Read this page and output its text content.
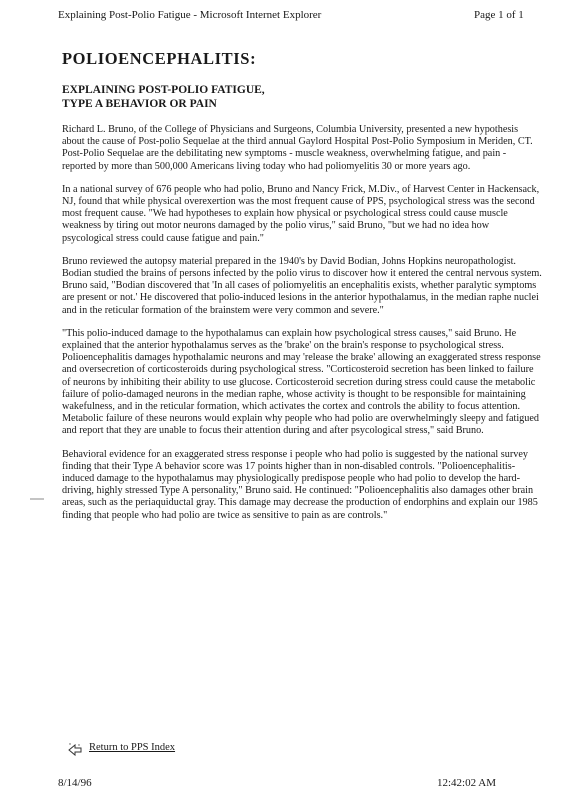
Explaining Post-Polio Fatigue - Microsoft Internet Explorer	Page 1 of 1
POLIOENCEPHALITIS:
EXPLAINING POST-POLIO FATIGUE,
TYPE A BEHAVIOR OR PAIN

Richard L. Bruno, of the College of Physicians and Surgeons, Columbia University, presented a new hypothesis about the cause of Post-polio Sequelae at the third annual Gaylord Hospital Post-Polio Symposium in Meriden, CT. Post-Polio Sequelae are the debilitating new symptoms - muscle weakness, overwhelming fatigue, and pain - reported by more than 500,000 Americans living today who had poliomyelitis 30 or more years ago.

In a national survey of 676 people who had polio, Bruno and Nancy Frick, M.Div., of Harvest Center in Hackensack, NJ, found that while physical overexertion was the most frequent cause of PPS, psychological stress was the second most frequent cause. "We had hypotheses to explain how physical or psychological stress could cause muscle weakness by tiring out motor neurons damaged by the polio virus," said Bruno, "but we had no idea how psycological stress could cause fatigue and pain."

Bruno reviewed the autopsy material prepared in the 1940's by David Bodian, Johns Hopkins neuropathologist. Bodian studied the brains of persons infected by the polio virus to discover how it entered the central nervous system. Bruno said, "Bodian discovered that 'In all cases of poliomyelitis an encephalitis exists, whether paralytic symptoms are present or not.' He discovered that polio-induced lesions in the anterior hypothalamus, in the median raphe nuclei and in the reticular formation of the brainstem were very common and severe."

"This polio-induced damage to the hypothalamus can explain how psychological stress causes," said Bruno. He explained that the anterior hypothalamus serves as the 'brake' on the brain's response to psychological stress. Polioencephalitis damages hypothalamic neurons and may 'release the brake' allowing an exaggerated stress response and oversecretion of corticosteroids during psychological stress. "Corticosteroid secretion has been linked to failure of neurons by inhibiting their ability to use glucose. Corticosteroid secretion during stress could cause the metabolic failure of polio-damaged neurons in the median raphe, whose activity is thought to be responsible for maintaining wakefulness, and in the reticular formation, which activates the cortex and controls the ability to focus attention. Metabolic failure of these neurons would explain why people who had polio are overwhelmingly sleepy and fatigued and report that they are unable to focus their attention during and after psycological stress," said Bruno.

Behavioral evidence for an exaggerated stress response i people who had polio is suggested by the national survey finding that their Type A behavior score was 17 points higher than in non-disabled controls. "Polioencephalitis-induced damage to the hypothalamus may physiologically predispose people who had polio to develop the hard-driving, highly stressed Type A personality," Bruno said. He continued: "Polioencephalitis also damages other brain areas, such as the periaquiductal gray. This damage may decrease the production of endorphins and explain our 1985 finding that people who had polio are twice as sensitive to pain as are controls."

Return to PPS Index
8/14/96	12:42:02 AM
